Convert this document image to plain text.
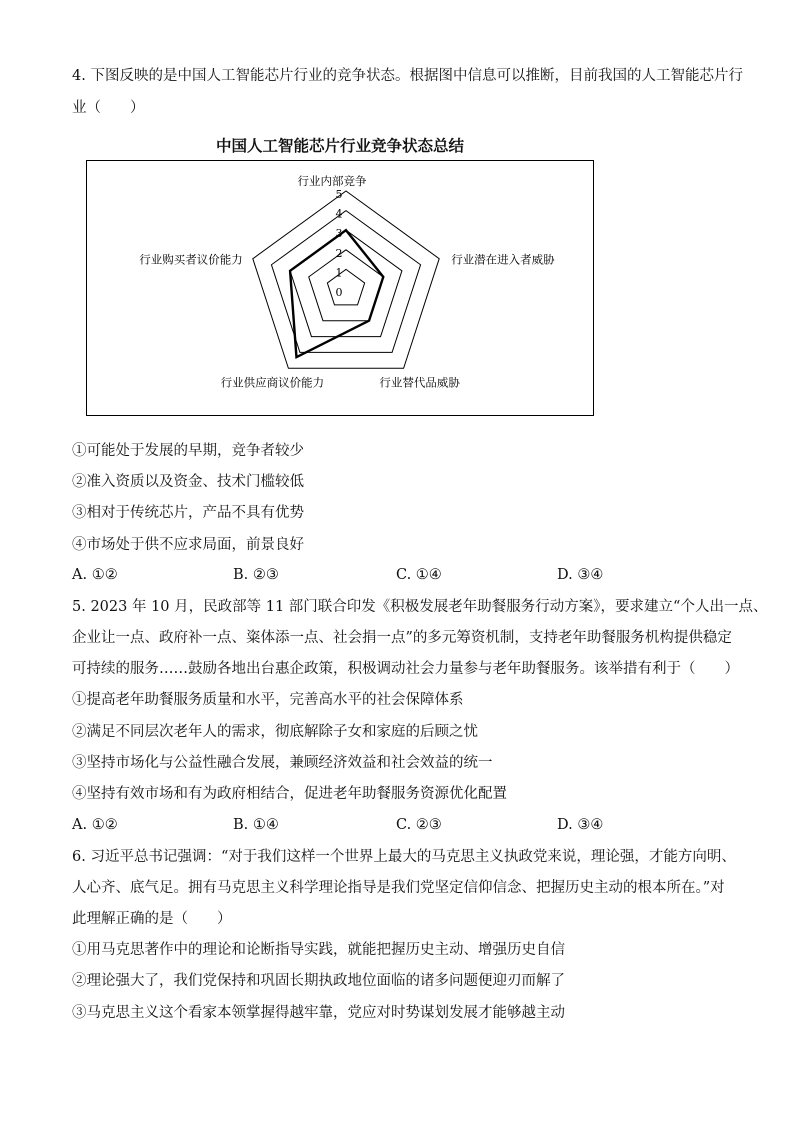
4. 下图反映的是中国人工智能芯片行业的竞争状态。根据图中信息可以推断，目前我国的人工智能芯片行
业（　　）
中国人工智能芯片行业竞争状态总结
0
1
2
3
4
5
行业内部竞争
行业潜在进入者威胁
行业替代品威胁
行业供应商议价能力
行业购买者议价能力
①可能处于发展的早期，竞争者较少
②准入资质以及资金、技术门槛较低
③相对于传统芯片，产品不具有优势
④市场处于供不应求局面，前景良好
A. ①②	B. ②③	C. ①④	D. ③④
5. 2023 年 10 月，民政部等 11 部门联合印发《积极发展老年助餐服务行动方案》，要求建立“个人出一点、
企业让一点、政府补一点、粢体添一点、社会捐一点”的多元筹资机制，支持老年助餐服务机构提供稳定
可持续的服务……鼓励各地出台惠企政策，积极调动社会力量参与老年助餐服务。该举措有利于（　　）
①提高老年助餐服务质量和水平，完善高水平的社会保障体系
②满足不同层次老年人的需求，彻底解除子女和家庭的后顾之忧
③坚持市场化与公益性融合发展，兼顾经济效益和社会效益的统一
④坚持有效市场和有为政府相结合，促进老年助餐服务资源优化配置
A. ①②	B. ①④	C. ②③	D. ③④
6. 习近平总书记强调：“对于我们这样一个世界上最大的马克思主义执政党来说，理论强，才能方向明、
人心齐、底气足。拥有马克思主义科学理论指导是我们党坚定信仰信念、把握历史主动的根本所在。”对
此理解正确的是（　　）
①用马克思著作中的理论和论断指导实践，就能把握历史主动、增强历史自信
②理论强大了，我们党保持和巩固长期执政地位面临的诸多问题便迎刃而解了
③马克思主义这个看家本领掌握得越牢靠，党应对时势谋划发展才能够越主动
